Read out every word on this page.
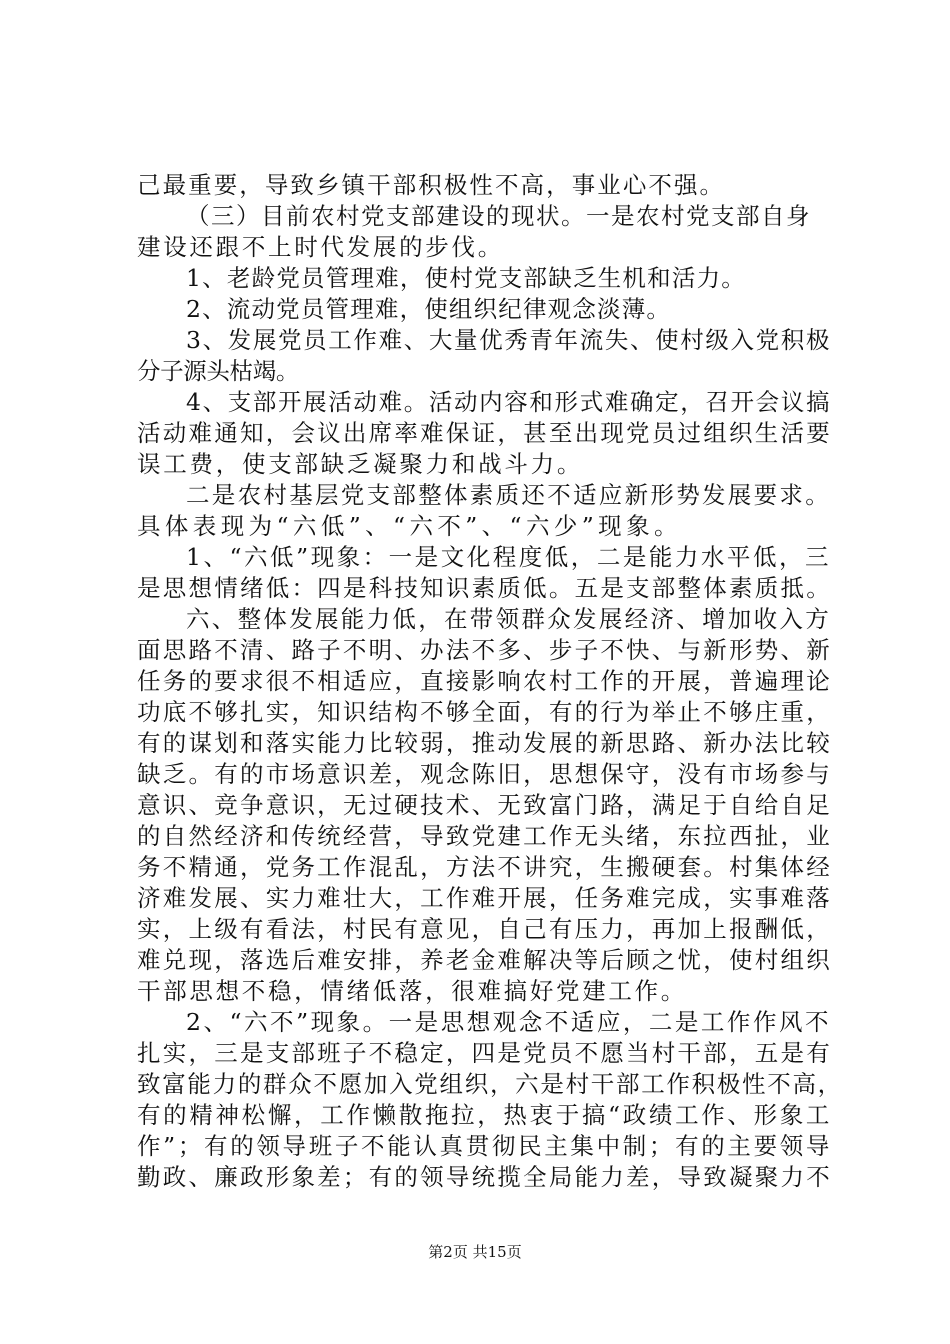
己最重要，导致乡镇干部积极性不高，事业心不强。
（三）目前农村党支部建设的现状。一是农村党支部自身
建设还跟不上时代发展的步伐。
1、老龄党员管理难，使村党支部缺乏生机和活力。
2、流动党员管理难，使组织纪律观念淡薄。
3、发展党员工作难、大量优秀青年流失、使村级入党积极
分子源头枯竭。
4、支部开展活动难。活动内容和形式难确定，召开会议搞
活动难通知，会议出席率难保证，甚至出现党员过组织生活要
误工费，使支部缺乏凝聚力和战斗力。
二是农村基层党支部整体素质还不适应新形势发展要求。
具体表现为“六低”、“六不”、“六少”现象。
1、“六低”现象：一是文化程度低，二是能力水平低，三
是思想情绪低：四是科技知识素质低。五是支部整体素质抵。
六、整体发展能力低，在带领群众发展经济、增加收入方
面思路不清、路子不明、办法不多、步子不快、与新形势、新
任务的要求很不相适应，直接影响农村工作的开展，普遍理论
功底不够扎实，知识结构不够全面，有的行为举止不够庄重，
有的谋划和落实能力比较弱，推动发展的新思路、新办法比较
缺乏。有的市场意识差，观念陈旧，思想保守，没有市场参与
意识、竞争意识，无过硬技术、无致富门路，满足于自给自足
的自然经济和传统经营，导致党建工作无头绪，东拉西扯，业
务不精通，党务工作混乱，方法不讲究，生搬硬套。村集体经
济难发展、实力难壮大，工作难开展，任务难完成，实事难落
实，上级有看法，村民有意见，自己有压力，再加上报酬低，
难兑现，落选后难安排，养老金难解决等后顾之忧，使村组织
干部思想不稳，情绪低落，很难搞好党建工作。
2、“六不”现象。一是思想观念不适应，二是工作作风不
扎实，三是支部班子不稳定，四是党员不愿当村干部，五是有
致富能力的群众不愿加入党组织，六是村干部工作积极性不高，
有的精神松懈，工作懒散拖拉，热衷于搞“政绩工作、形象工
作”；有的领导班子不能认真贯彻民主集中制；有的主要领导
勤政、廉政形象差；有的领导统揽全局能力差，导致凝聚力不
第2页 共15页
